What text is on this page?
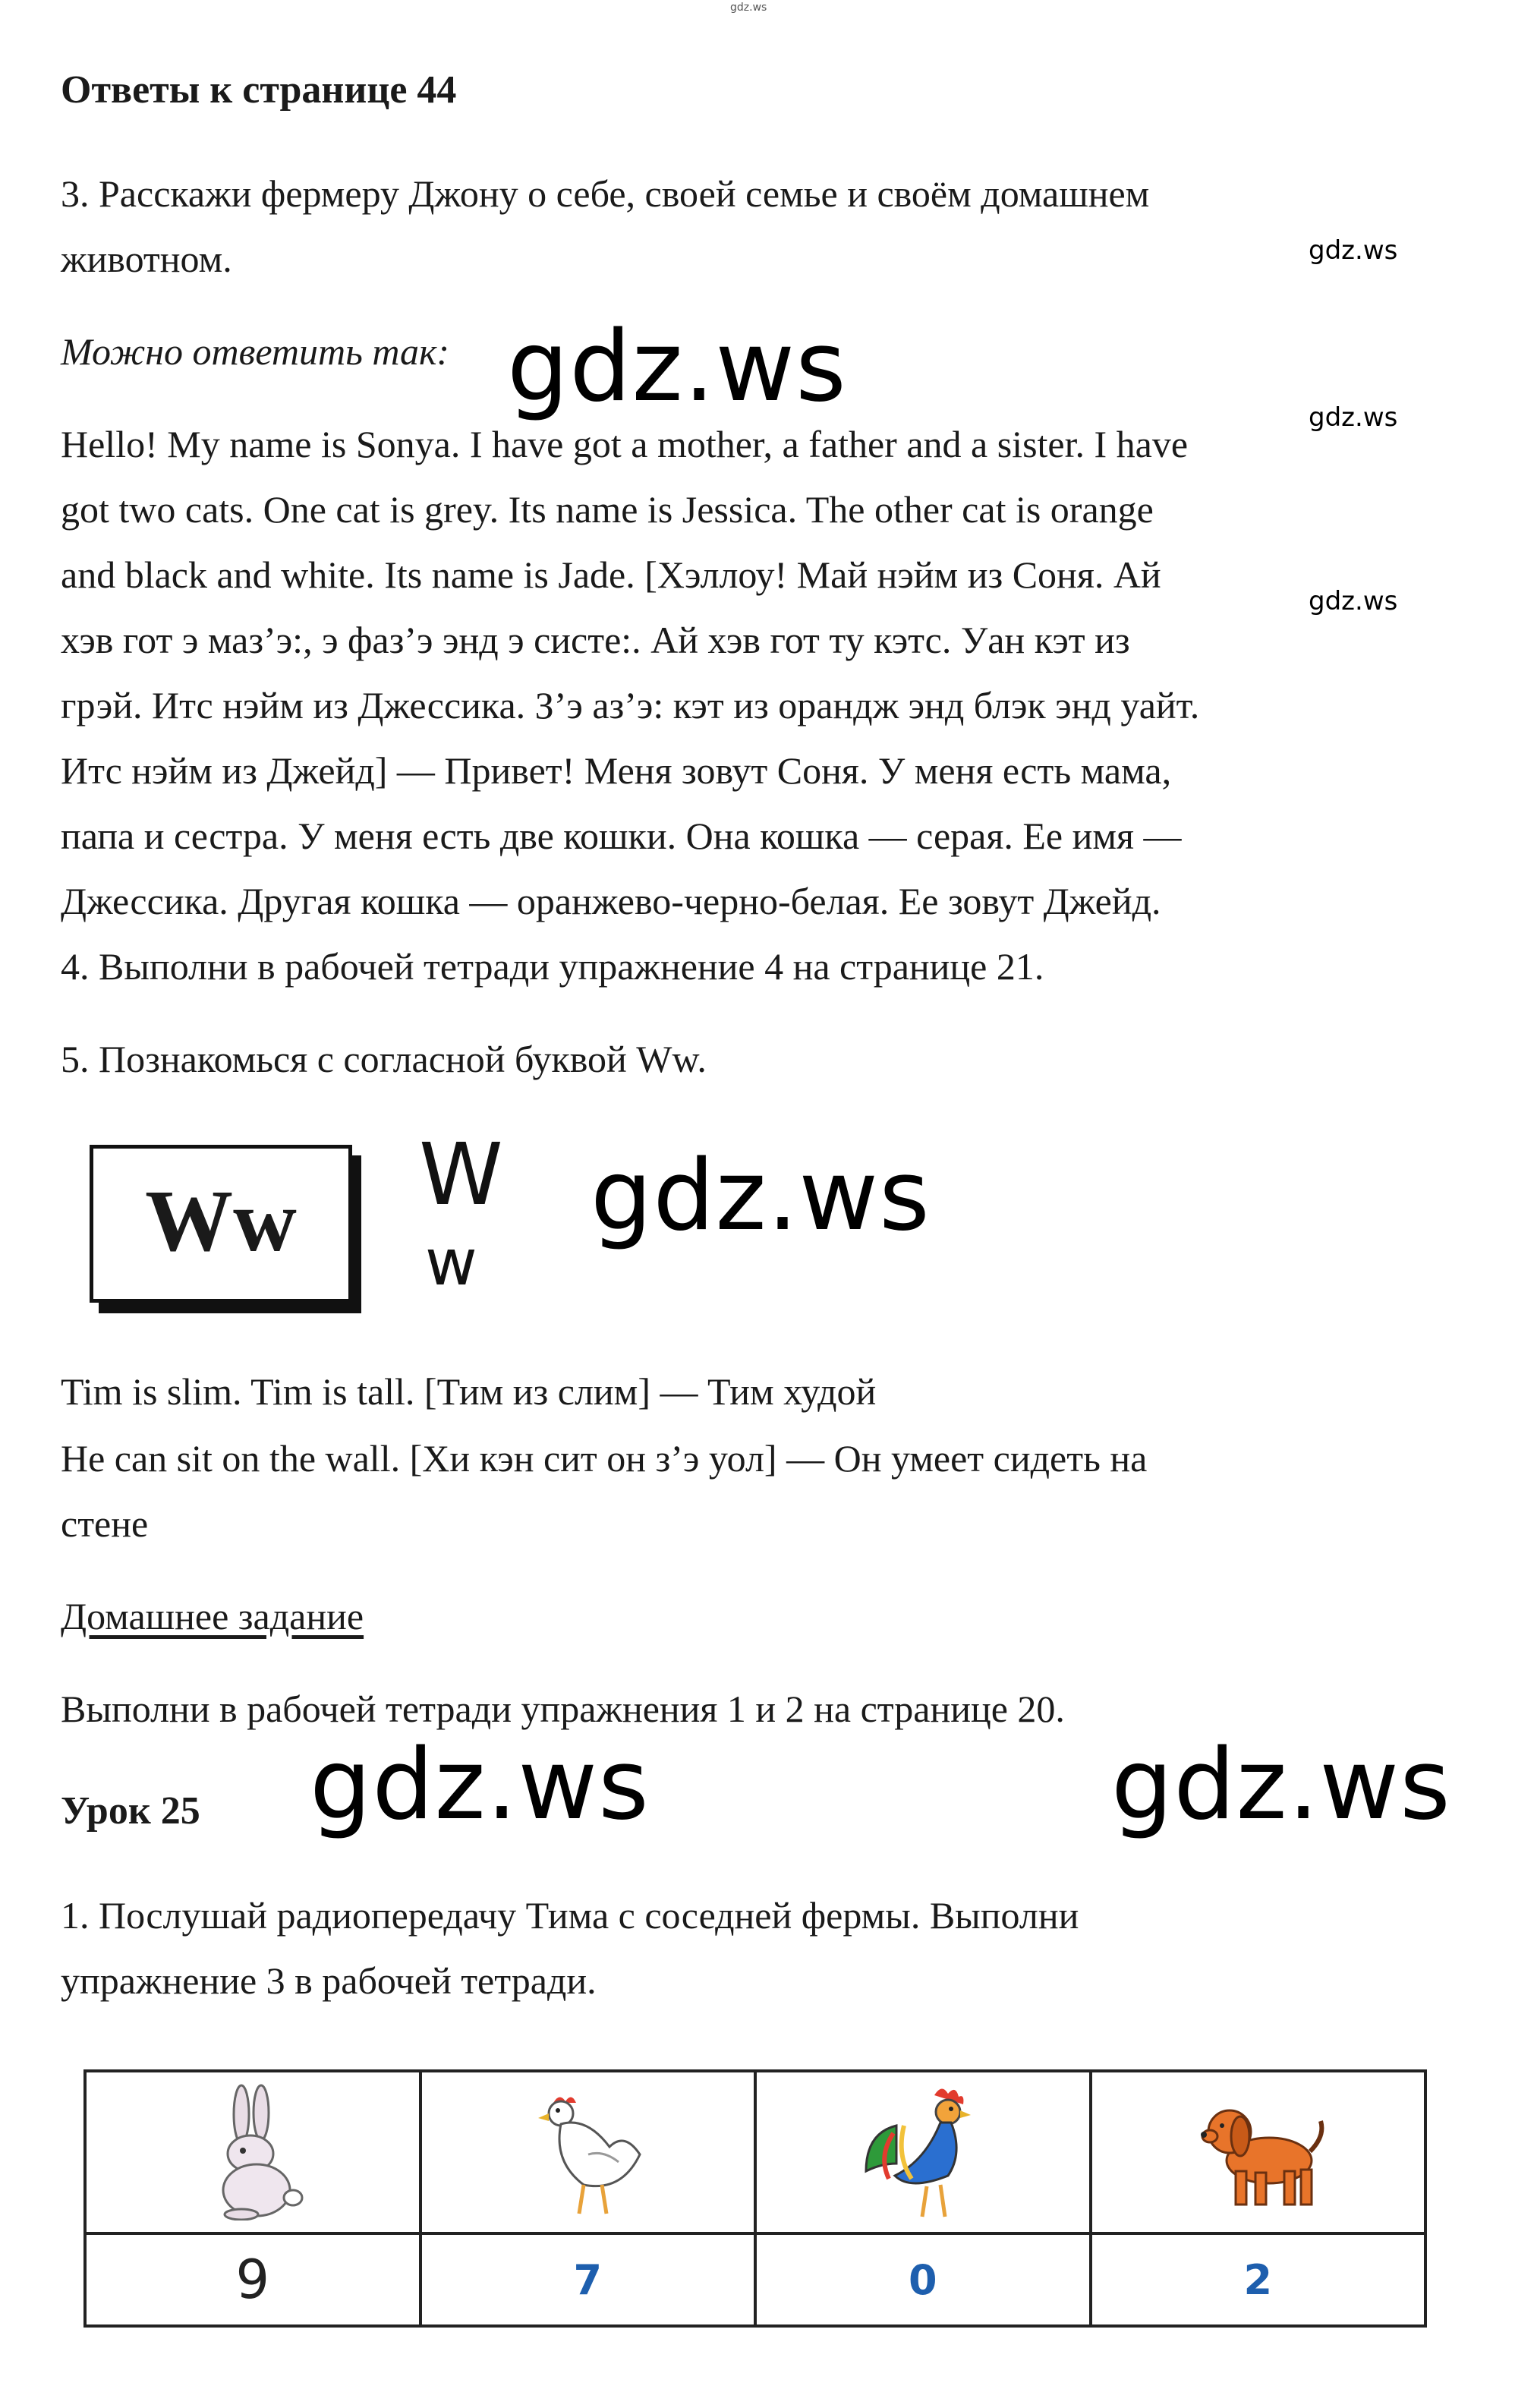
gdz.ws
Ответы к странице 44
3. Расскажи фермеру Джону о себе, своей семье и своём домашнем
животном.	gdz.ws
Можно ответить так: gdz.ws
Hello! My name is Sonya. I have got a mother, a father and a sister. I have
gdz.ws
got two cats. One cat is grey. Its name is Jessica. The other cat is orange
and black and white. Its name is Jade. [Хэллоу! Май нэйм из Соня. Ай
gdz.ws
хэв гот э маз’э:, э фаз’э энд э систе:. Ай хэв гот ту кэтс. Уан кэт из
грэй. Итс нэйм из Джессика. З’э аз’э: кэт из орандж энд блэк энд уайт.
Итс нэйм из Джейд] — Привет! Меня зовут Соня. У меня есть мама,
папа и сестра. У меня есть две кошки. Она кошка — серая. Ее имя —
Джессика. Другая кошка — оранжево-черно-белая. Ее зовут Джейд.
4. Выполни в рабочей тетради упражнение 4 на странице 21.
5. Познакомься с согласной буквой Ww.
Ww	W
w
gdz.ws
Tim is slim. Tim is tall. [Тим из слим] — Тим худой
He can sit on the wall. [Хи кэн сит он з’э уол] — Он умеет сидеть на
стене
Домашнее задание
Выполни в рабочей тетради упражнения 1 и 2 на странице 20.
Урок 25 gdz.ws	gdz.ws
1. Послушай радиопередачу Тима с соседней фермы. Выполни
упражнение 3 в рабочей тетради.

9	7	0	2
